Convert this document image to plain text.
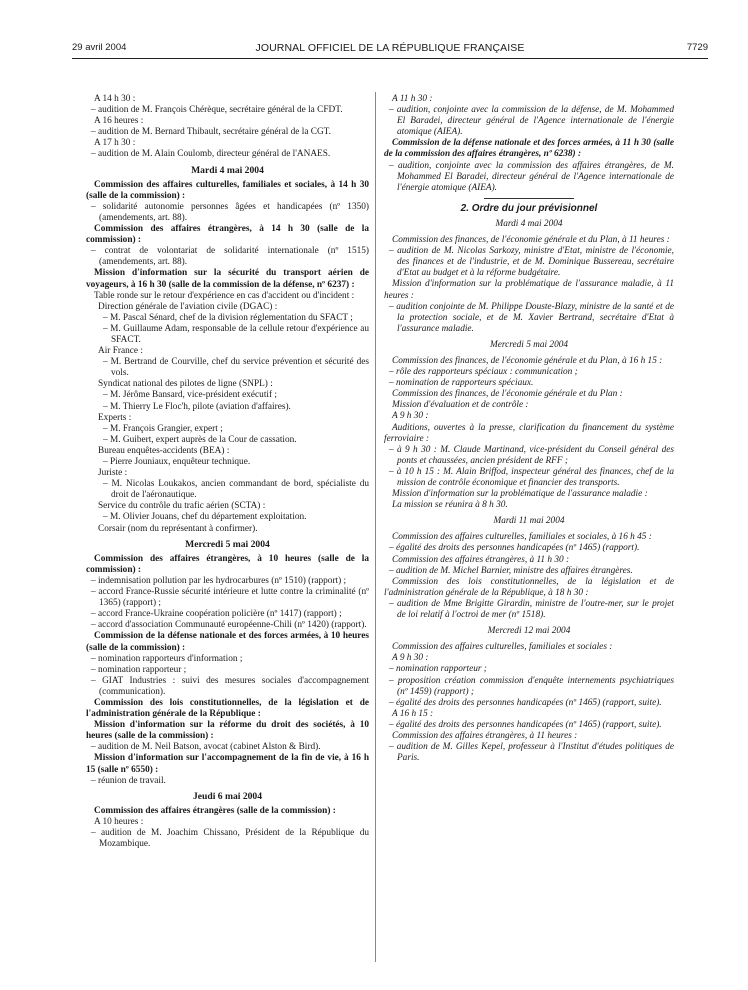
29 avril 2004	JOURNAL OFFICIEL DE LA RÉPUBLIQUE FRANÇAISE	7729

A 14 h 30 :

– audition de M. François Chérèque, secrétaire général de la CFDT.

A 16 heures :

– audition de M. Bernard Thibault, secrétaire général de la CGT.

A 17 h 30 :

– audition de M. Alain Coulomb, directeur général de l'ANAES.

Mardi 4 mai 2004

Commission des affaires culturelles, familiales et sociales, à 14 h 30 (salle de la commission) :

– solidarité autonomie personnes âgées et handicapées (nº 1350) (amendements, art. 88).

Commission des affaires étrangères, à 14 h 30 (salle de la commission) :

– contrat de volontariat de solidarité internationale (nº 1515) (amendements, art. 88).

Mission d'information sur la sécurité du transport aérien de voyageurs, à 16 h 30 (salle de la commission de la défense, nº 6237) :

Table ronde sur le retour d'expérience en cas d'accident ou d'incident :

Direction générale de l'aviation civile (DGAC) :

– M. Pascal Sénard, chef de la division réglementation du SFACT ;

– M. Guillaume Adam, responsable de la cellule retour d'expérience au SFACT.

Air France :

– M. Bertrand de Courville, chef du service prévention et sécurité des vols.

Syndicat national des pilotes de ligne (SNPL) :

– M. Jérôme Bansard, vice-président exécutif ;

– M. Thierry Le Floc'h, pilote (aviation d'affaires).

Experts :

– M. François Grangier, expert ;

– M. Guibert, expert auprès de la Cour de cassation.

Bureau enquêtes-accidents (BEA) :

– Pierre Jouniaux, enquêteur technique.

Juriste :

– M. Nicolas Loukakos, ancien commandant de bord, spécialiste du droit de l'aéronautique.

Service du contrôle du trafic aérien (SCTA) :

– M. Olivier Jouans, chef du département exploitation.

Corsair (nom du représentant à confirmer).

Mercredi 5 mai 2004

Commission des affaires étrangères, à 10 heures (salle de la commission) :

– indemnisation pollution par les hydrocarbures (nº 1510) (rapport) ;

– accord France-Russie sécurité intérieure et lutte contre la criminalité (nº 1365) (rapport) ;

– accord France-Ukraine coopération policière (nº 1417) (rapport) ;

– accord d'association Communauté européenne-Chili (nº 1420) (rapport).

Commission de la défense nationale et des forces armées, à 10 heures (salle de la commission) :

– nomination rapporteurs d'information ;

– nomination rapporteur ;

– GIAT Industries : suivi des mesures sociales d'accompagnement (communication).

Commission des lois constitutionnelles, de la législation et de l'administration générale de la République :

Mission d'information sur la réforme du droit des sociétés, à 10 heures (salle de la commission) :

– audition de M. Neil Batson, avocat (cabinet Alston & Bird).

Mission d'information sur l'accompagnement de la fin de vie, à 16 h 15 (salle nº 6550) :

– réunion de travail.

Jeudi 6 mai 2004

Commission des affaires étrangères (salle de la commission) :

A 10 heures :

– audition de M. Joachim Chissano, Président de la République du Mozambique.

A 11 h 30 :

– audition, conjointe avec la commission de la défense, de M. Mohammed El Baradei, directeur général de l'Agence internationale de l'énergie atomique (AIEA).

Commission de la défense nationale et des forces armées, à 11 h 30 (salle de la commission des affaires étrangères, nº 6238) :

– audition, conjointe avec la commission des affaires étrangères, de M. Mohammed El Baradei, directeur général de l'Agence internationale de l'énergie atomique (AIEA).

2. Ordre du jour prévisionnel

Mardi 4 mai 2004

Commission des finances, de l'économie générale et du Plan, à 11 heures :

– audition de M. Nicolas Sarkozy, ministre d'Etat, ministre de l'économie, des finances et de l'industrie, et de M. Dominique Bussereau, secrétaire d'Etat au budget et à la réforme budgétaire.

Mission d'information sur la problématique de l'assurance maladie, à 11 heures :

– audition conjointe de M. Philippe Douste-Blazy, ministre de la santé et de la protection sociale, et de M. Xavier Bertrand, secrétaire d'Etat à l'assurance maladie.

Mercredi 5 mai 2004

Commission des finances, de l'économie générale et du Plan, à 16 h 15 :

– rôle des rapporteurs spéciaux : communication ;

– nomination de rapporteurs spéciaux.

Commission des finances, de l'économie générale et du Plan :

Mission d'évaluation et de contrôle :

A 9 h 30 :

Auditions, ouvertes à la presse, clarification du financement du système ferroviaire :

– à 9 h 30 : M. Claude Martinand, vice-président du Conseil général des ponts et chaussées, ancien président de RFF ;

– à 10 h 15 : M. Alain Briffod, inspecteur général des finances, chef de la mission de contrôle économique et financier des transports.

Mission d'information sur la problématique de l'assurance maladie :

La mission se réunira à 8 h 30.

Mardi 11 mai 2004

Commission des affaires culturelles, familiales et sociales, à 16 h 45 :

– égalité des droits des personnes handicapées (nº 1465) (rapport).

Commission des affaires étrangères, à 11 h 30 :

– audition de M. Michel Barnier, ministre des affaires étrangères.

Commission des lois constitutionnelles, de la législation et de l'administration générale de la République, à 18 h 30 :

– audition de Mme Brigitte Girardin, ministre de l'outre-mer, sur le projet de loi relatif à l'octroi de mer (nº 1518).

Mercredi 12 mai 2004

Commission des affaires culturelles, familiales et sociales :

A 9 h 30 :

– nomination rapporteur ;

– proposition création commission d'enquête internements psychiatriques (nº 1459) (rapport) ;

– égalité des droits des personnes handicapées (nº 1465) (rapport, suite).

A 16 h 15 :

– égalité des droits des personnes handicapées (nº 1465) (rapport, suite).

Commission des affaires étrangères, à 11 heures :

– audition de M. Gilles Kepel, professeur à l'Institut d'études politiques de Paris.
